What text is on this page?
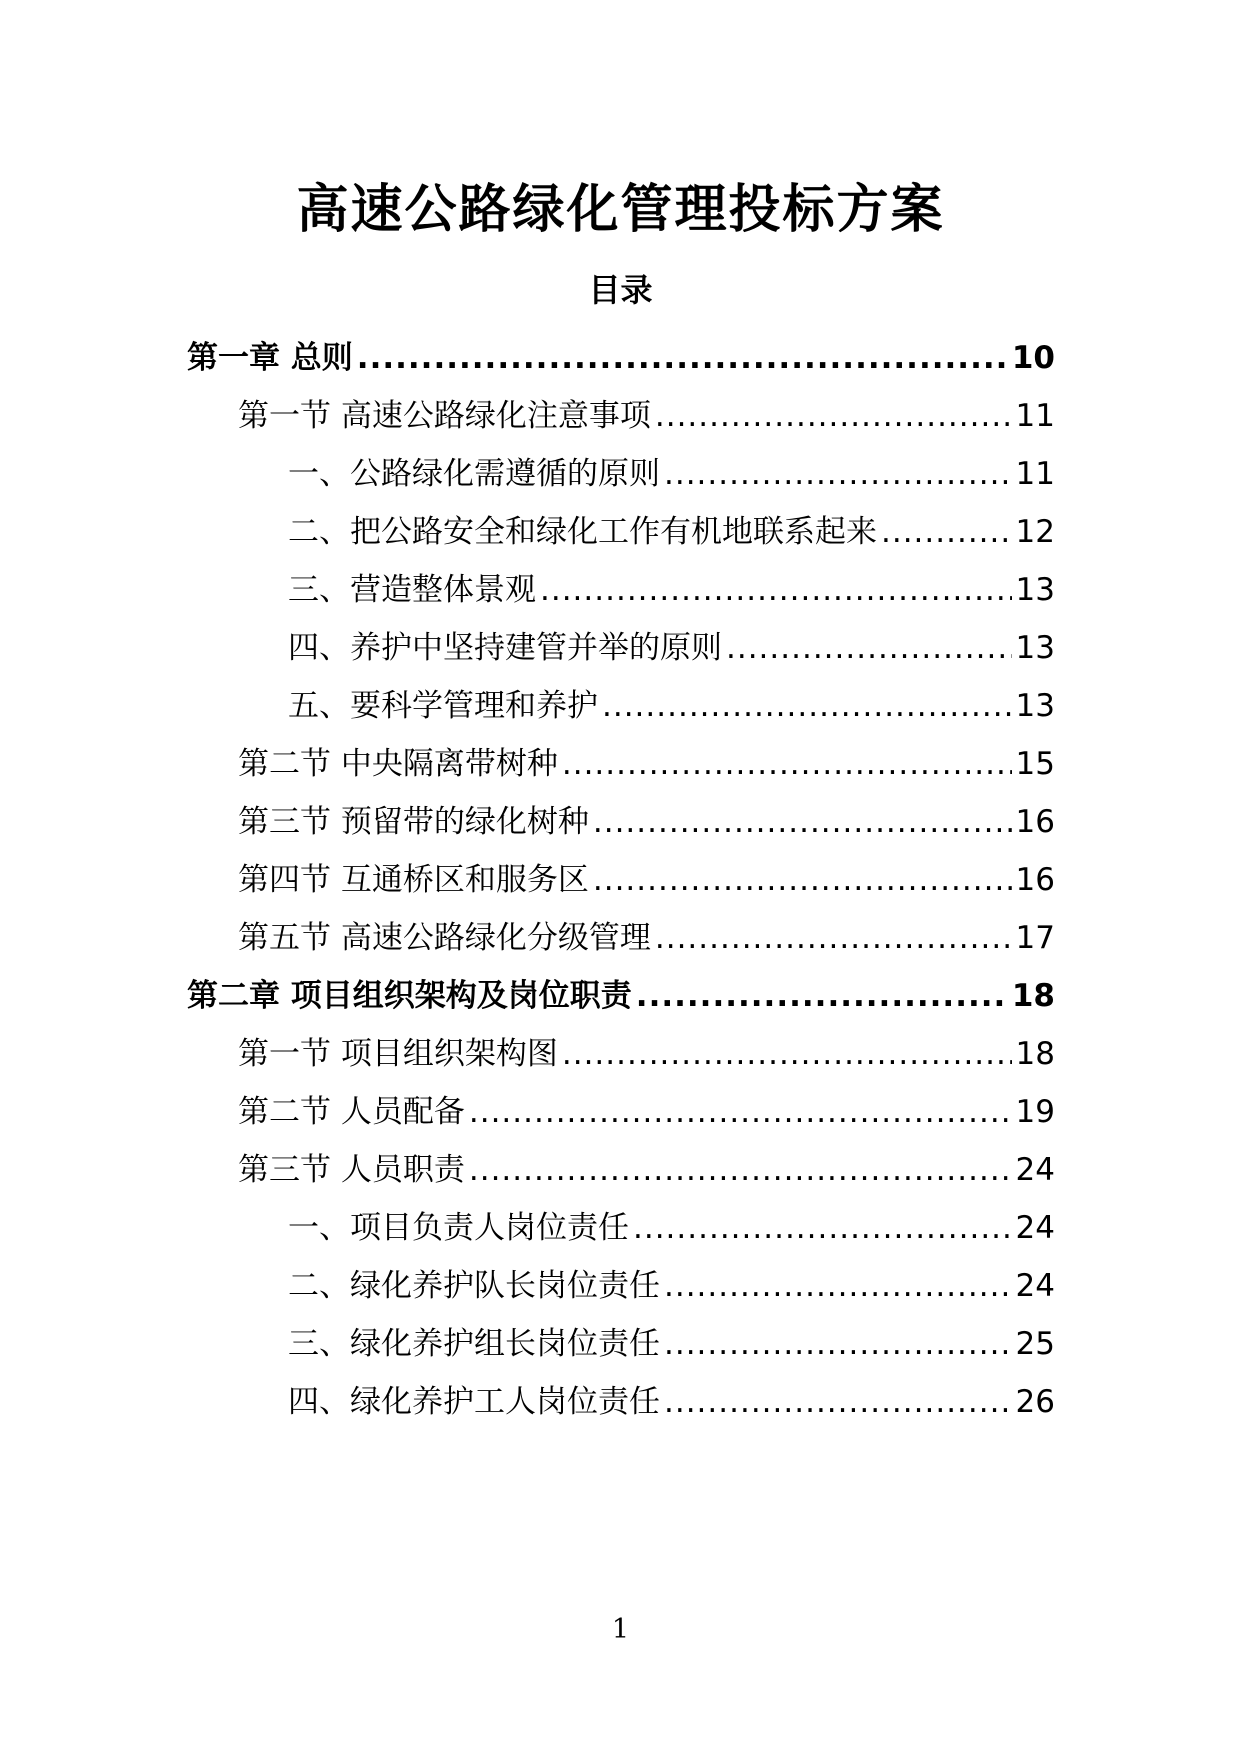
高速公路绿化管理投标方案
目录
第一章 总则 .....	10
第一节 高速公路绿化注意事项 .....	11
一、公路绿化需遵循的原则 .....	11
二、把公路安全和绿化工作有机地联系起来 .....	12
三、营造整体景观 .....	13
四、养护中坚持建管并举的原则 .....	13
五、要科学管理和养护 .....	13
第二节 中央隔离带树种 .....	15
第三节 预留带的绿化树种 .....	16
第四节 互通桥区和服务区 .....	16
第五节 高速公路绿化分级管理 .....	17
第二章 项目组织架构及岗位职责 .....	18
第一节 项目组织架构图 .....	18
第二节 人员配备 .....	19
第三节 人员职责 .....	24
一、项目负责人岗位责任 .....	24
二、绿化养护队长岗位责任 .....	24
三、绿化养护组长岗位责任 .....	25
四、绿化养护工人岗位责任 .....	26
1
